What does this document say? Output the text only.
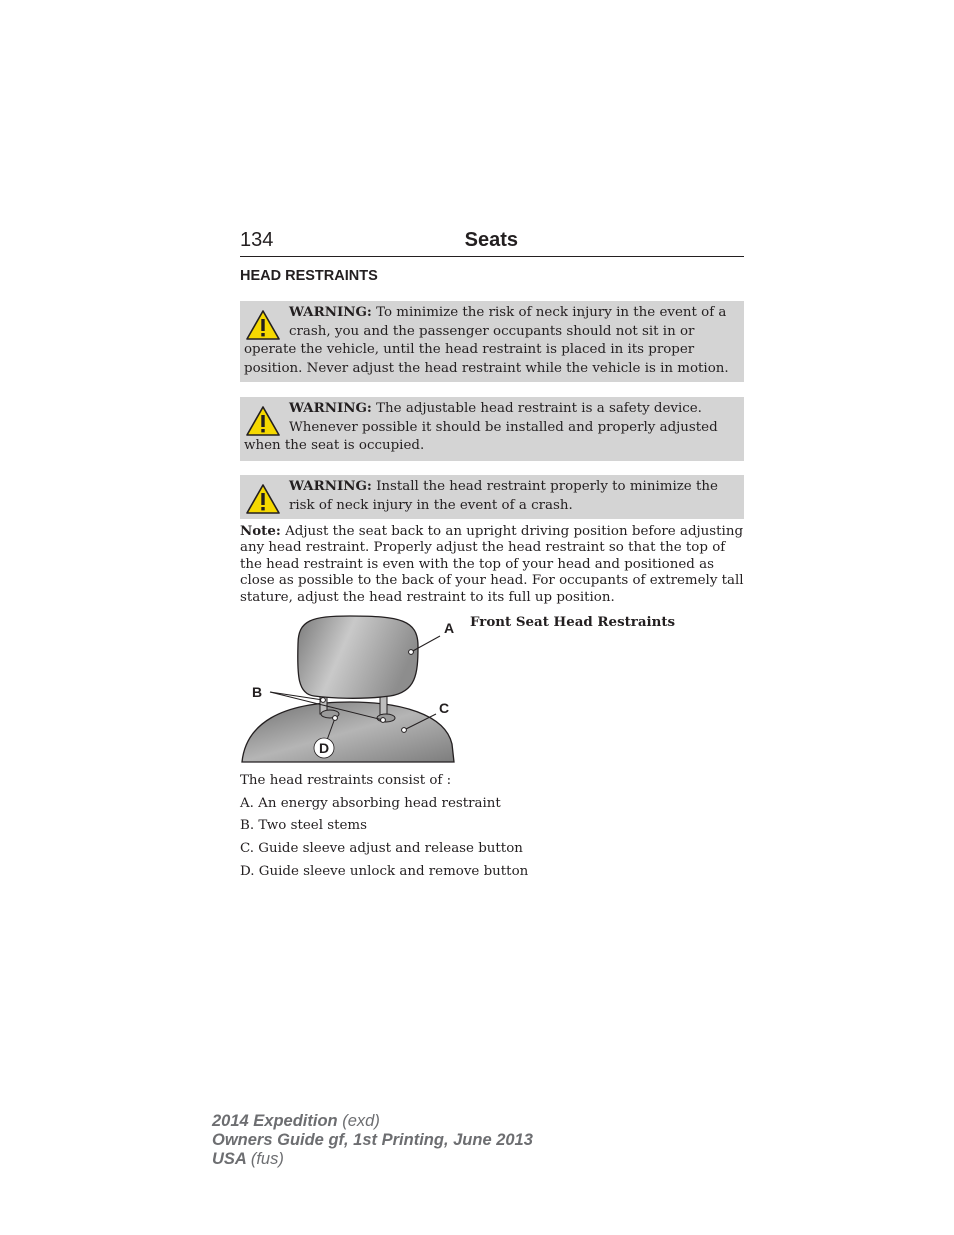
134	Seats
HEAD RESTRAINTS
WARNING: To minimize the risk of neck injury in the event of a crash, you and the passenger occupants should not sit in or operate the vehicle, until the head restraint is placed in its proper position. Never adjust the head restraint while the vehicle is in motion.
WARNING: The adjustable head restraint is a safety device. Whenever possible it should be installed and properly adjusted when the seat is occupied.
WARNING: Install the head restraint properly to minimize the risk of neck injury in the event of a crash.
Note: Adjust the seat back to an upright driving position before adjusting any head restraint. Properly adjust the head restraint so that the top of the head restraint is even with the top of your head and positioned as close as possible to the back of your head. For occupants of extremely tall stature, adjust the head restraint to its full up position.
A
B
C
D
Front Seat Head Restraints
The head restraints consist of :
A. An energy absorbing head restraint
B. Two steel stems
C. Guide sleeve adjust and release button
D. Guide sleeve unlock and remove button
2014 Expedition (exd)
Owners Guide gf, 1st Printing, June 2013
USA (fus)
